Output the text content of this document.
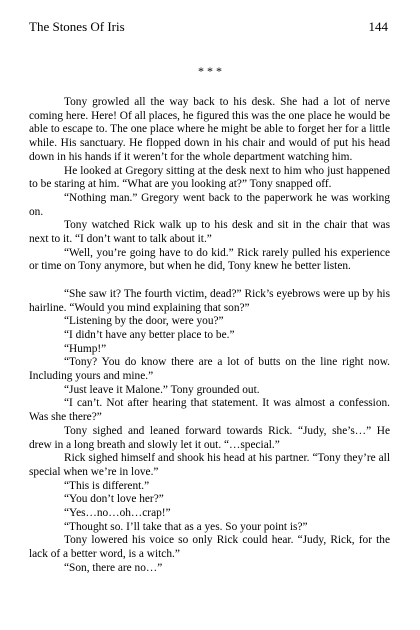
The Stones Of Iris	144
* * *

Tony growled all the way back to his desk. She had a lot of nerve coming here. Here! Of all places, he figured this was the one place he would be able to escape to. The one place where he might be able to forget her for a little while. His sanctuary. He flopped down in his chair and would of put his head down in his hands if it weren’t for the whole department watching him.

He looked at Gregory sitting at the desk next to him who just happened to be staring at him. “What are you looking at?” Tony snapped off.

“Nothing man.” Gregory went back to the paperwork he was working on.

Tony watched Rick walk up to his desk and sit in the chair that was next to it. “I don’t want to talk about it.”

“Well, you’re going have to do kid.” Rick rarely pulled his experience or time on Tony anymore, but when he did, Tony knew he better listen.

“She saw it? The fourth victim, dead?” Rick’s eyebrows were up by his hairline. “Would you mind explaining that son?”

“Listening by the door, were you?”

“I didn’t have any better place to be.”

“Hump!”

“Tony? You do know there are a lot of butts on the line right now. Including yours and mine.”

“Just leave it Malone.” Tony grounded out.

“I can’t. Not after hearing that statement. It was almost a confession. Was she there?”

Tony sighed and leaned forward towards Rick. “Judy, she’s…” He drew in a long breath and slowly let it out. “…special.”

Rick sighed himself and shook his head at his partner. “Tony they’re all special when we’re in love.”

“This is different.”

“You don’t love her?”

“Yes…no…oh…crap!”

“Thought so. I’ll take that as a yes. So your point is?”

Tony lowered his voice so only Rick could hear. “Judy, Rick, for the lack of a better word, is a witch.”

“Son, there are no…”
